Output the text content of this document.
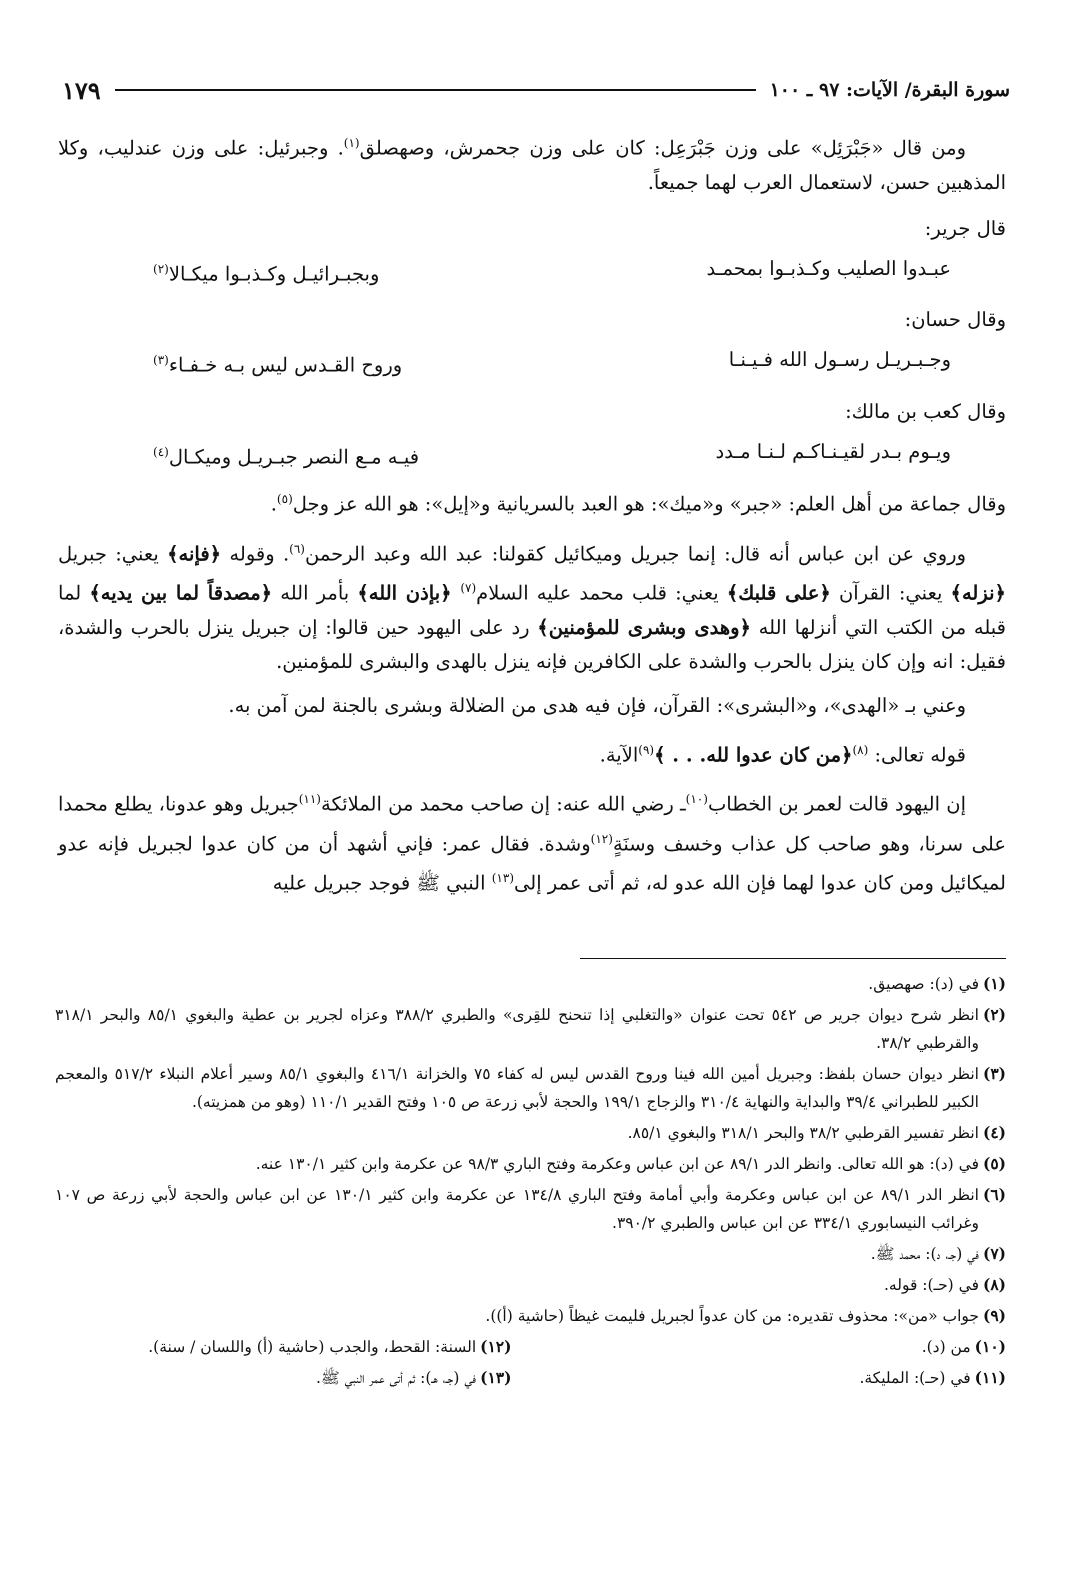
سورة البقرة/ الآيات: ٩٧ ـ ١٠٠
١٧٩

ومن قال «جَبْرَئِل» على وزن جَبْرَعِل: كان على وزن جحمرش، وصهصلق$^{(١)}$. وجبرئيل: على وزن عندليب، وكلا المذهبين حسن، لاستعمال العرب لهما جميعاً.

قال جرير:

عبـدوا الصليب وكـذبـوا بمحمـد
وبجبـرائيـل وكـذبـوا ميكـالا$^{(٢)}$

وقال حسان:

وجـبـريـل رسـول الله فـيـنـا
وروح القـدس ليس بـه خـفـاء$^{(٣)}$

وقال كعب بن مالك:

ويـوم بـدر لقيـنـاكـم لـنـا مـدد
فيـه مـع النصر جبـريـل وميكـال$^{(٤)}$

وقال جماعة من أهل العلم: «جبر» و«ميك»: هو العبد بالسريانية و«إيل»: هو الله عز وجل$^{(٥)}$.

وروي عن ابن عباس أنه قال: إنما جبريل وميكائيل كقولنا: عبد الله وعبد الرحمن$^{(٦)}$. وقوله ﴿فإنه﴾ يعني: جبريل ﴿نزله﴾ يعني: القرآن ﴿على قلبك﴾ يعني: قلب محمد عليه السلام$^{(٧)}$ ﴿بإذن الله﴾ بأمر الله ﴿مصدقاً لما بين يديه﴾ لما قبله من الكتب التي أنزلها الله ﴿وهدى وبشرى للمؤمنين﴾ رد على اليهود حين قالوا: إن جبريل ينزل بالحرب والشدة، فقيل: انه وإن كان ينزل بالحرب والشدة على الكافرين فإنه ينزل بالهدى والبشرى للمؤمنين.

وعني بـ «الهدى»، و«البشرى»: القرآن، فإن فيه هدى من الضلالة وبشرى بالجنة لمن آمن به.

قوله تعالى: $^{(٨)}$﴿من كان عدوا لله. . . ﴾$^{(٩)}$الآية.

إن اليهود قالت لعمر بن الخطاب$^{(١٠)}$ـ رضي الله عنه: إن صاحب محمد من الملائكة$^{(١١)}$جبريل وهو عدونا، يطلع محمدا على سرنا، وهو صاحب كل عذاب وخسف وسنَةٍ$^{(١٢)}$وشدة. فقال عمر: فإني أشهد أن من كان عدوا لجبريل فإنه عدو لميكائيل ومن كان عدوا لهما فإن الله عدو له، ثم أتى عمر إلى$^{(١٣)}$ النبي ﷺ فوجد جبريل عليه

(١)
في (د): صهصيق.
(٢)
انظر شرح ديوان جرير ص ٥٤٢ تحت عنوان «والتغلبي إذا تنحنح للقِرى» والطبري ٣٨٨/٢ وعزاه لجرير بن عطية والبغوي ٨٥/١ والبحر ٣١٨/١ والقرطبي ٣٨/٢.
(٣)
انظر ديوان حسان بلفظ: وجبريل أمين الله فينا وروح القدس ليس له كفاء ٧٥ والخزانة ٤١٦/١ والبغوي ٨٥/١ وسير أعلام النبلاء ٥١٧/٢ والمعجم الكبير للطبراني ٣٩/٤ والبداية والنهاية ٣١٠/٤ والزجاج ١٩٩/١ والحجة لأبي زرعة ص ١٠٥ وفتح القدير ١١٠/١ (وهو من همزيته).
(٤)
انظر تفسير القرطبي ٣٨/٢ والبحر ٣١٨/١ والبغوي ٨٥/١.
(٥)
في (د): هو الله تعالى. وانظر الدر ٨٩/١ عن ابن عباس وعكرمة وفتح الباري ٩٨/٣ عن عكرمة وابن كثير ١٣٠/١ عنه.
(٦)
انظر الدر ٨٩/١ عن ابن عباس وعكرمة وأبي أمامة وفتح الباري ١٣٤/٨ عن عكرمة وابن كثير ١٣٠/١ عن ابن عباس والحجة لأبي زرعة ص ١٠٧ وغرائب النيسابوري ٣٣٤/١ عن ابن عباس والطبري ٣٩٠/٢.
(٧)
في (جـ، د): محمد ﷺ.
(٨)
في (حـ): قوله.
(٩)
جواب «من»: محذوف تقديره: من كان عدواً لجبريل فليمت غيظاً (حاشية (أ)).
(١٠)
من (د).
(١٢)
السنة: القحط، والجدب (حاشية (أ) واللسان / سنة).
(١١)
في (حـ): المليكة.
(١٣)
في (جـ، هـ): ثم أتى عمر النبي ﷺ.
